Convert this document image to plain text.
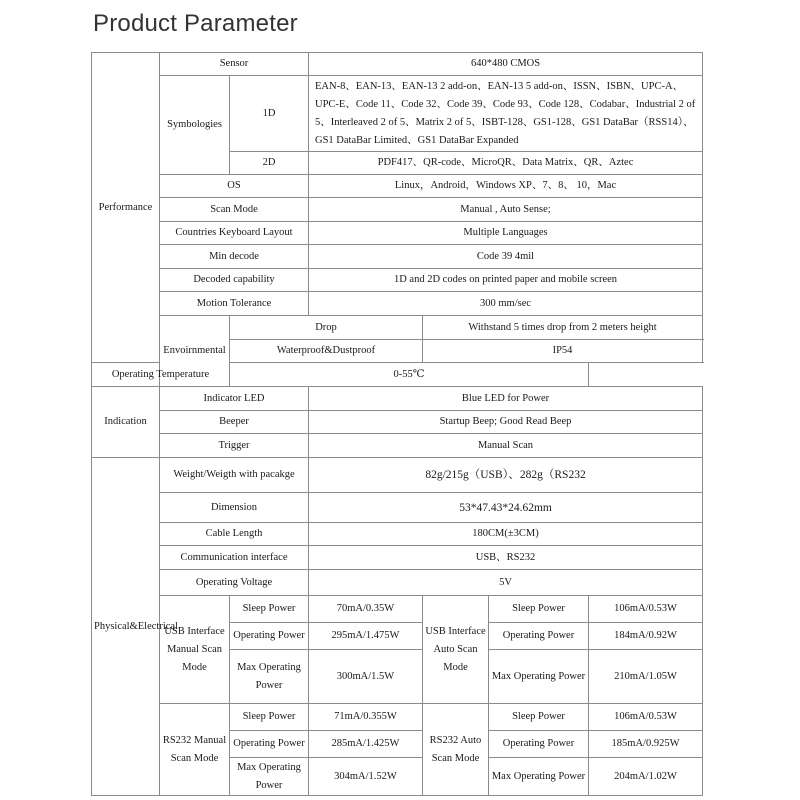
Product Parameter
Performance	Sensor		640*480 CMOS			
	Symbologies	1D	EAN-8、EAN-13、EAN-13 2 add-on、EAN-13 5 add-on、ISSN、ISBN、UPC-A、UPC-E、Code 11、Code 32、Code 39、Code 93、Code 128、Codabar、Industrial 2 of 5、Interleaved 2 of 5、Matrix 2 of 5、ISBT-128、GS1-128、GS1 DataBar（RSS14）、GS1 DataBar Limited、GS1 DataBar Expanded			
		2D	PDF417、QR-code、MicroQR、Data Matrix、QR、Aztec			
	OS		Linux，Android，Windows XP、7、8、 10，Mac			
	Scan Mode		Manual , Auto Sense;			
	Countries Keyboard Layout		Multiple Languages			
	Min decode		Code 39 4mil			
	Decoded capability		1D and 2D codes on printed paper and mobile screen			
	Motion Tolerance		300 mm/sec			
	Envoirnmental	Drop		Withstand 5 times drop from 2 meters height		
		Waterproof&Dustproof		IP54		
Operating Temperature		0-55℃				
Indication	Indicator LED		Blue LED for Power			
	Beeper		Startup Beep; Good Read Beep			
	Trigger		Manual Scan			
Physical&Electrical	Weight/Weigth with pacakge		82g/215g（USB）、282g（RS232			
	Dimension		53*47.43*24.62mm			
	Cable Length		180CM(±3CM)			
	Communication interface		USB、RS232			
	Operating Voltage		5V			
	USB Interface Manual Scan Mode	Sleep Power	70mA/0.35W	USB Interface Auto Scan Mode	Sleep Power	106mA/0.53W
		Operating Power	295mA/1.475W		Operating Power	184mA/0.92W
		Max Operating Power	300mA/1.5W		Max Operating Power	210mA/1.05W
	RS232 Manual Scan Mode	Sleep Power	71mA/0.355W	RS232 Auto Scan Mode	Sleep Power	106mA/0.53W
		Operating Power	285mA/1.425W		Operating Power	185mA/0.925W
		Max Operating Power	304mA/1.52W		Max Operating Power	204mA/1.02W
